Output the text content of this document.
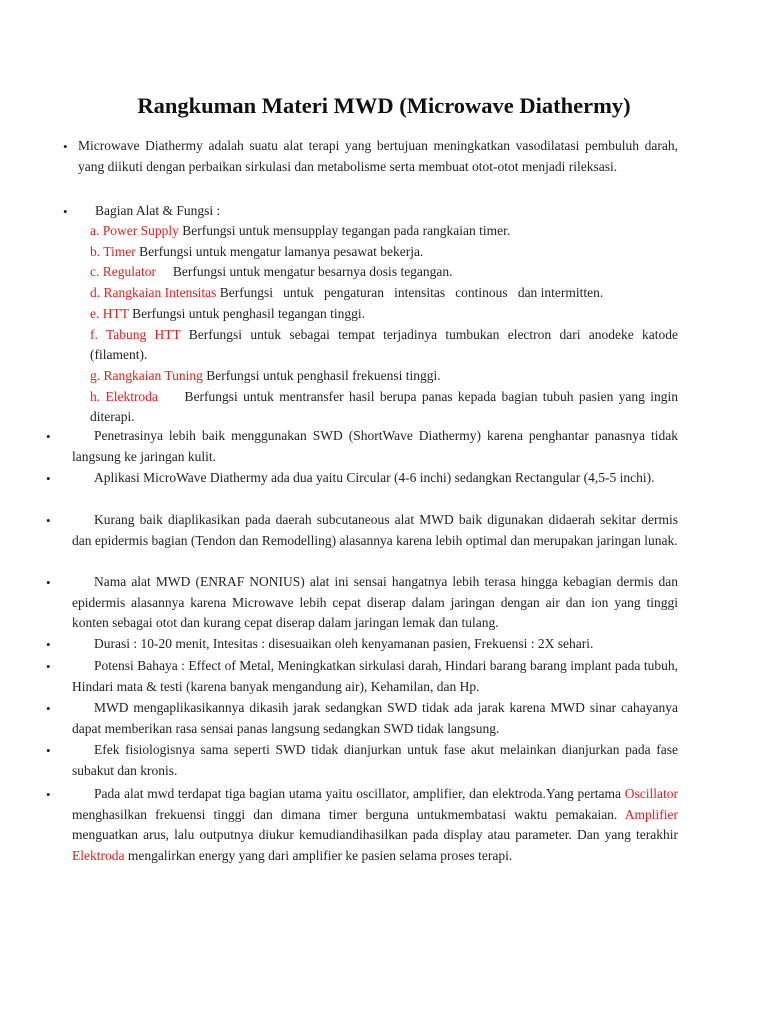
Rangkuman Materi MWD (Microwave Diathermy)
• Microwave Diathermy adalah suatu alat terapi yang bertujuan meningkatkan vasodilatasi pembuluh darah, yang diikuti dengan perbaikan sirkulasi dan metabolisme serta membuat otot-otot menjadi rileksasi.
• Bagian Alat & Fungsi :
a. Power Supply Berfungsi untuk mensupplay tegangan pada rangkaian timer.
b. Timer Berfungsi untuk mengatur lamanya pesawat bekerja.
c. Regulator     Berfungsi untuk mengatur besarnya dosis tegangan.
d. Rangkaian Intensitas Berfungsi   untuk   pengaturan   intensitas   continous   dan intermitten.
e. HTT Berfungsi untuk penghasil tegangan tinggi.
f. Tabung HTT Berfungsi untuk sebagai tempat terjadinya tumbukan electron dari anodeke katode (filament).
g. Rangkaian Tuning Berfungsi untuk penghasil frekuensi tinggi.
h. Elektroda     Berfungsi untuk mentransfer hasil berupa panas kepada bagian tubuh pasien yang ingin diterapi.
•	Penetrasinya lebih baik menggunakan SWD (ShortWave Diathermy) karena penghantar panasnya tidak langsung ke jaringan kulit.
•	Aplikasi MicroWave Diathermy ada dua yaitu Circular (4-6 inchi) sedangkan Rectangular (4,5-5 inchi).
•	Kurang baik diaplikasikan pada daerah subcutaneous alat MWD baik digunakan didaerah sekitar dermis dan epidermis bagian (Tendon dan Remodelling) alasannya karena lebih optimal dan merupakan jaringan lunak.
•	Nama alat MWD (ENRAF NONIUS) alat ini sensai hangatnya lebih terasa hingga kebagian dermis dan epidermis alasannya karena Microwave lebih cepat diserap dalam jaringan dengan air dan ion yang tinggi konten sebagai otot dan kurang cepat diserap dalam jaringan lemak dan tulang.
•	Durasi : 10-20 menit, Intesitas : disesuaikan oleh kenyamanan pasien, Frekuensi : 2X sehari.
•	Potensi Bahaya : Effect of Metal, Meningkatkan sirkulasi darah, Hindari barang barang implant pada tubuh, Hindari mata & testi (karena banyak mengandung air), Kehamilan, dan Hp.
•	MWD mengaplikasikannya dikasih jarak sedangkan SWD tidak ada jarak karena MWD sinar cahayanya dapat memberikan rasa sensai panas langsung sedangkan SWD tidak langsung.
•	Efek fisiologisnya sama seperti SWD tidak dianjurkan untuk fase akut melainkan dianjurkan pada fase subakut dan kronis.
•	Pada alat mwd terdapat tiga bagian utama yaitu oscillator, amplifier, dan elektroda.Yang pertama Oscillator menghasilkan frekuensi tinggi dan dimana timer berguna untukmembatasi waktu pemakaian. Amplifier menguatkan arus, lalu outputnya diukur kemudiandihasilkan pada display atau parameter. Dan yang terakhir Elektroda mengalirkan energy yang dari amplifier ke pasien selama proses terapi.
